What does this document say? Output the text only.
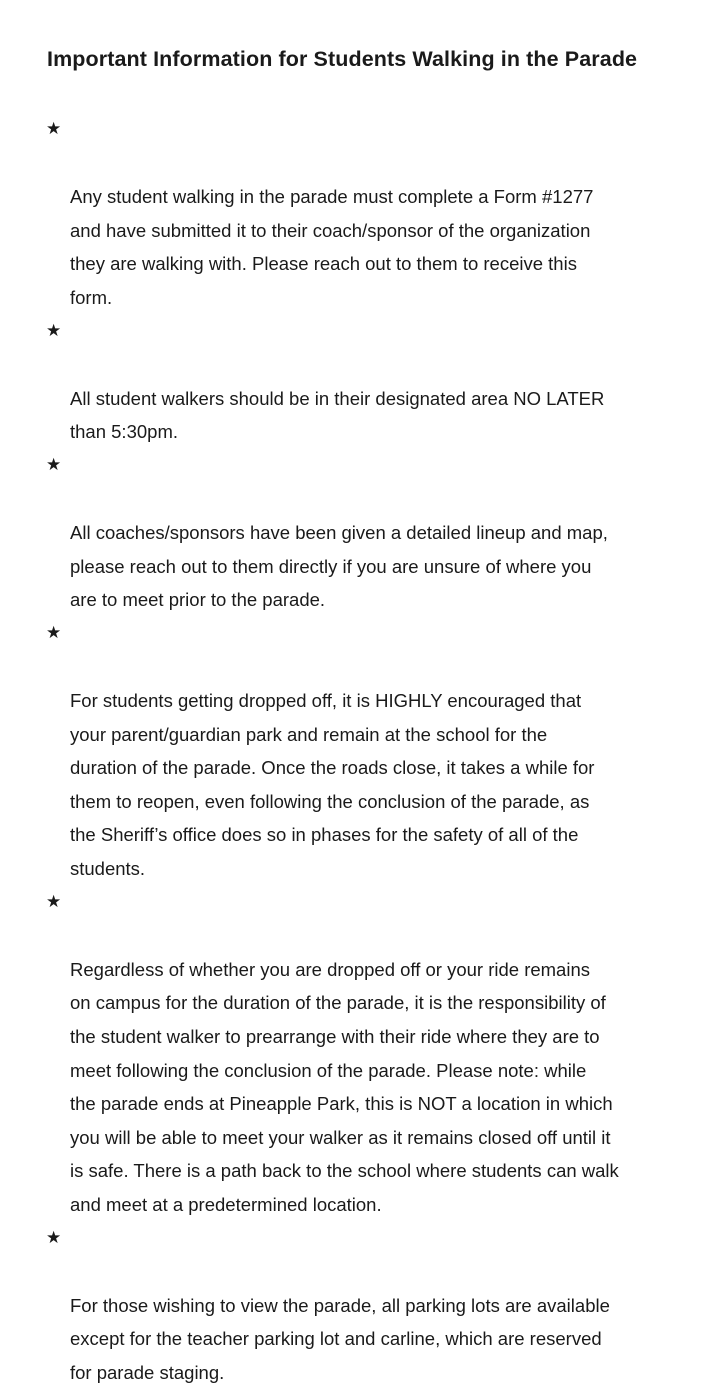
Important Information for Students Walking in the Parade

★

Any student walking in the parade must complete a Form #1277
and have submitted it to their coach/sponsor of the organization
they are walking with. Please reach out to them to receive this
form.

★

All student walkers should be in their designated area NO LATER
than 5:30pm.

★

All coaches/sponsors have been given a detailed lineup and map,
please reach out to them directly if you are unsure of where you
are to meet prior to the parade.

★

For students getting dropped off, it is HIGHLY encouraged that
your parent/guardian park and remain at the school for the
duration of the parade. Once the roads close, it takes a while for
them to reopen, even following the conclusion of the parade, as
the Sheriff’s office does so in phases for the safety of all of the
students.

★

Regardless of whether you are dropped off or your ride remains
on campus for the duration of the parade, it is the responsibility of
the student walker to prearrange with their ride where they are to
meet following the conclusion of the parade. Please note: while
the parade ends at Pineapple Park, this is NOT a location in which
you will be able to meet your walker as it remains closed off until it
is safe. There is a path back to the school where students can walk
and meet at a predetermined location.

★

For those wishing to view the parade, all parking lots are available
except for the teacher parking lot and carline, which are reserved
for parade staging.
